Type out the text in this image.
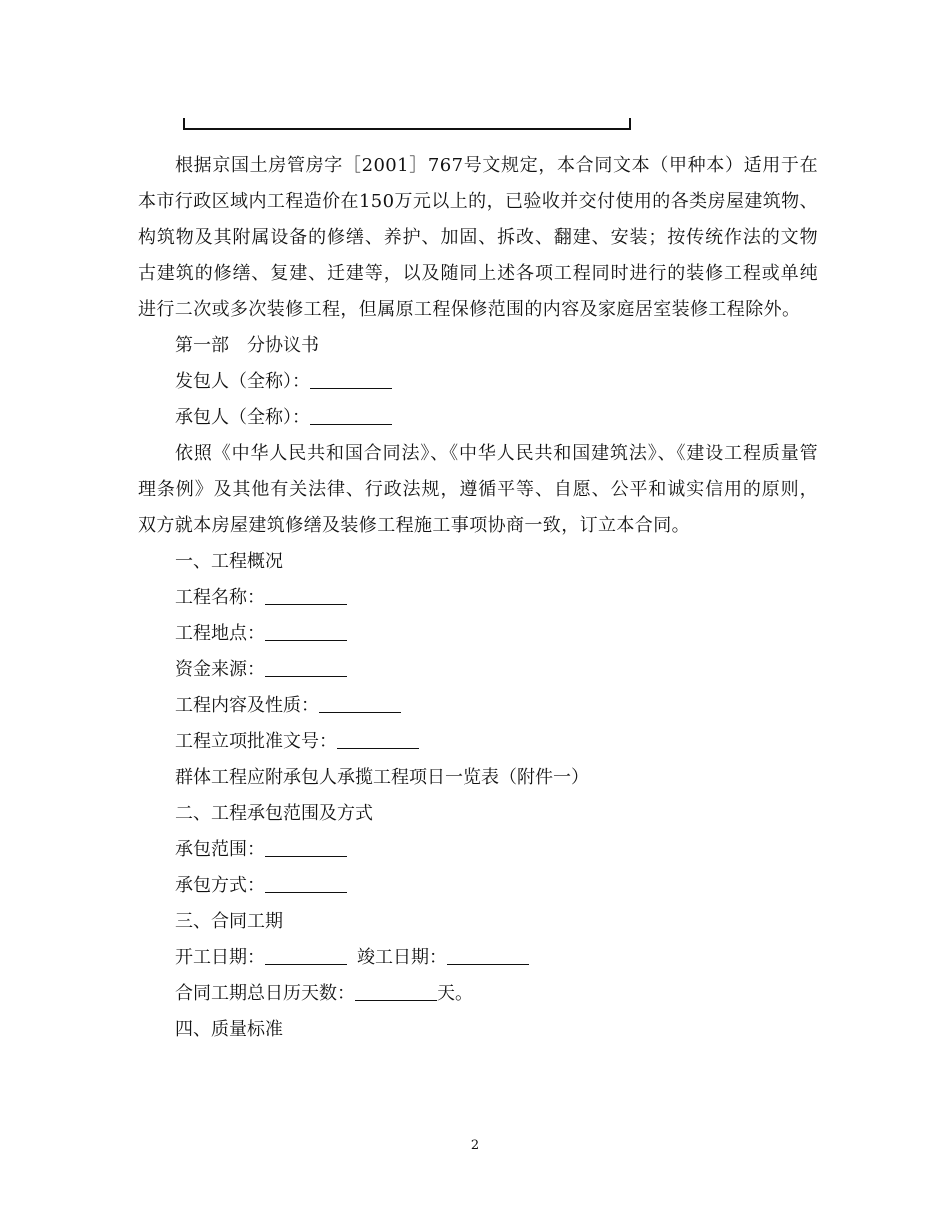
根据京国土房管房字［2001］767号文规定，本合同文本（甲种本）适用于在本市行政区域内工程造价在150万元以上的，已验收并交付使用的各类房屋建筑物、构筑物及其附属设备的修缮、养护、加固、拆改、翻建、安装；按传统作法的文物古建筑的修缮、复建、迁建等，以及随同上述各项工程同时进行的装修工程或单纯进行二次或多次装修工程，但属原工程保修范围的内容及家庭居室装修工程除外。

第一部　分协议书

发包人（全称）：

承包人（全称）：

依照《中华人民共和国合同法》、《中华人民共和国建筑法》、《建设工程质量管理条例》及其他有关法律、行政法规，遵循平等、自愿、公平和诚实信用的原则，双方就本房屋建筑修缮及装修工程施工事项协商一致，订立本合同。

一、工程概况

工程名称：

工程地点：

资金来源：

工程内容及性质：

工程立项批准文号：

群体工程应附承包人承揽工程项日一览表（附件一）

二、工程承包范围及方式

承包范围：

承包方式：

三、合同工期

开工日期：	竣工日期：

合同工期总日历天数：	天。

四、质量标准

2
